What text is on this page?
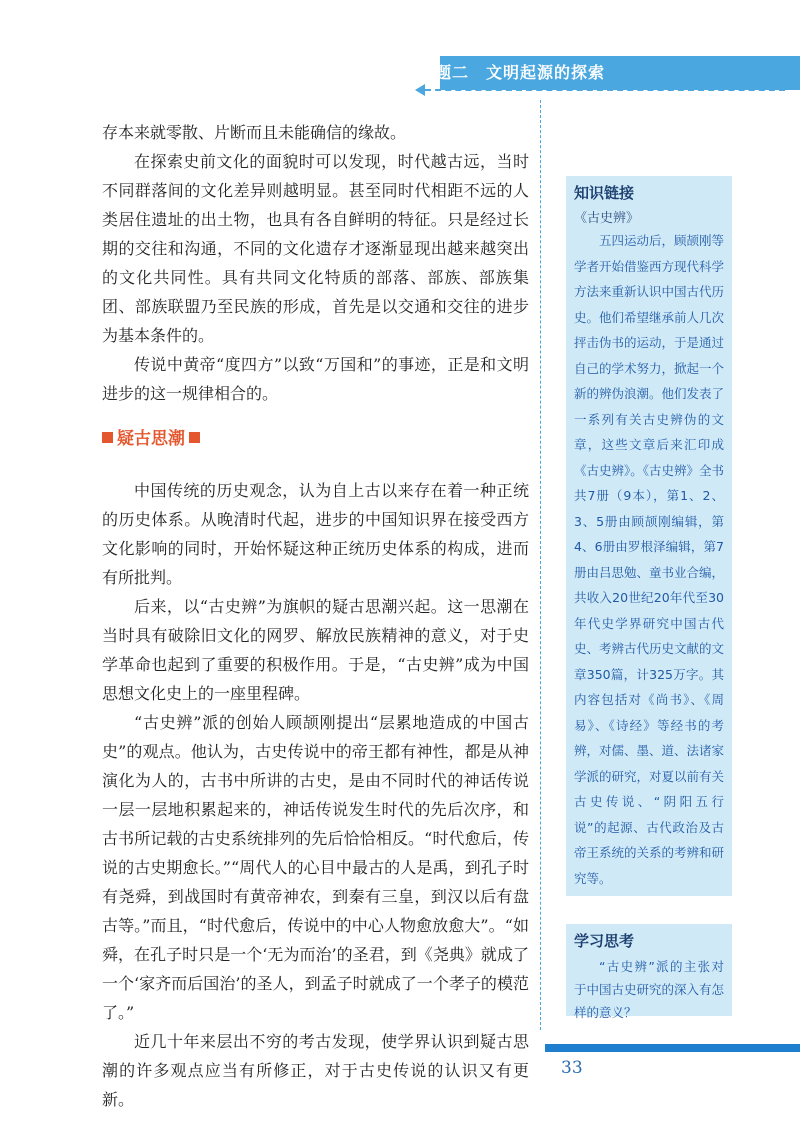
专题二　文明起源的探索

存本来就零散、片断而且未能确信的缘故。

在探索史前文化的面貌时可以发现，时代越古远，当时不同群落间的文化差异则越明显。甚至同时代相距不远的人类居住遗址的出土物，也具有各自鲜明的特征。只是经过长期的交往和沟通，不同的文化遗存才逐渐显现出越来越突出的文化共同性。具有共同文化特质的部落、部族、部族集团、部族联盟乃至民族的形成，首先是以交通和交往的进步为基本条件的。

传说中黄帝“度四方”以致“万国和”的事迹，正是和文明进步的这一规律相合的。

疑古思潮

中国传统的历史观念，认为自上古以来存在着一种正统的历史体系。从晚清时代起，进步的中国知识界在接受西方文化影响的同时，开始怀疑这种正统历史体系的构成，进而有所批判。

后来，以“古史辨”为旗帜的疑古思潮兴起。这一思潮在当时具有破除旧文化的网罗、解放民族精神的意义，对于史学革命也起到了重要的积极作用。于是，“古史辨”成为中国思想文化史上的一座里程碑。

“古史辨”派的创始人顾颉刚提出“层累地造成的中国古史”的观点。他认为，古史传说中的帝王都有神性，都是从神演化为人的，古书中所讲的古史，是由不同时代的神话传说一层一层地积累起来的，神话传说发生时代的先后次序，和古书所记载的古史系统排列的先后恰恰相反。“时代愈后，传说的古史期愈长。”“周代人的心目中最古的人是禹，到孔子时有尧舜，到战国时有黄帝神农，到秦有三皇，到汉以后有盘古等。”而且，“时代愈后，传说中的中心人物愈放愈大”。“如舜，在孔子时只是一个‘无为而治’的圣君，到《尧典》就成了一个‘家齐而后国治’的圣人，到孟子时就成了一个孝子的模范了。”

近几十年来层出不穷的考古发现，使学界认识到疑古思潮的许多观点应当有所修正，对于古史传说的认识又有更新。

知识链接
《古史辨》

五四运动后，顾颉刚等学者开始借鉴西方现代科学方法来重新认识中国古代历史。他们希望继承前人几次抨击伪书的运动，于是通过自己的学术努力，掀起一个新的辨伪浪潮。他们发表了一系列有关古史辨伪的文章，这些文章后来汇印成《古史辨》。《古史辨》全书共7册（9本），第1、2、3、5册由顾颉刚编辑，第4、6册由罗根泽编辑，第7册由吕思勉、童书业合编，共收入20世纪20年代至30年代史学界研究中国古代史、考辨古代历史文献的文章350篇，计325万字。其内容包括对《尚书》、《周易》、《诗经》等经书的考辨，对儒、墨、道、法诸家学派的研究，对夏以前有关古史传说、“阴阳五行说”的起源、古代政治及古帝王系统的关系的考辨和研究等。

学习思考

“古史辨”派的主张对于中国古史研究的深入有怎样的意义？

33
